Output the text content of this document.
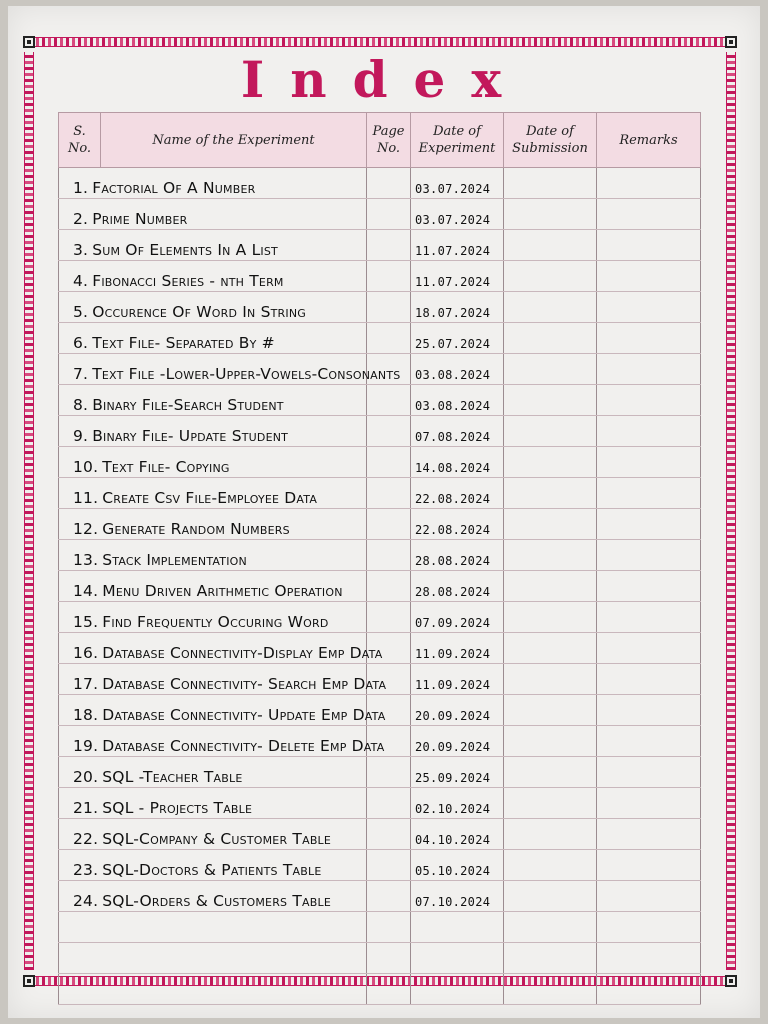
Index
S. No.	Name of the Experiment	Page No.	Date of Experiment	Date of Submission	Remarks
1. Factorial Of A Number			03.07.2024		
2. Prime Number			03.07.2024		
3. Sum Of Elements In A List			11.07.2024		
4. Fibonacci Series - nth Term			11.07.2024		
5. Occurence Of Word In String			18.07.2024		
6. Text File- Separated By #			25.07.2024		
7. Text File -Lower-Upper-Vowels-Consonants			03.08.2024		
8. Binary File-Search Student			03.08.2024		
9. Binary File- Update Student			07.08.2024		
10. Text File- Copying			14.08.2024		
11. Create Csv File-Employee Data			22.08.2024		
12. Generate Random Numbers			22.08.2024		
13. Stack Implementation			28.08.2024		
14. Menu Driven Arithmetic Operation			28.08.2024		
15. Find Frequently Occuring Word			07.09.2024		
16. Database Connectivity-Display Emp Data			11.09.2024		
17. Database Connectivity- Search Emp Data			11.09.2024		
18. Database Connectivity- Update Emp Data			20.09.2024		
19. Database Connectivity- Delete Emp Data			20.09.2024		
20. SQL -Teacher Table			25.09.2024		
21. SQL - Projects Table			02.10.2024		
22. SQL-Company & Customer Table			04.10.2024		
23. SQL-Doctors & Patients Table			05.10.2024		
24. SQL-Orders & Customers Table			07.10.2024		
